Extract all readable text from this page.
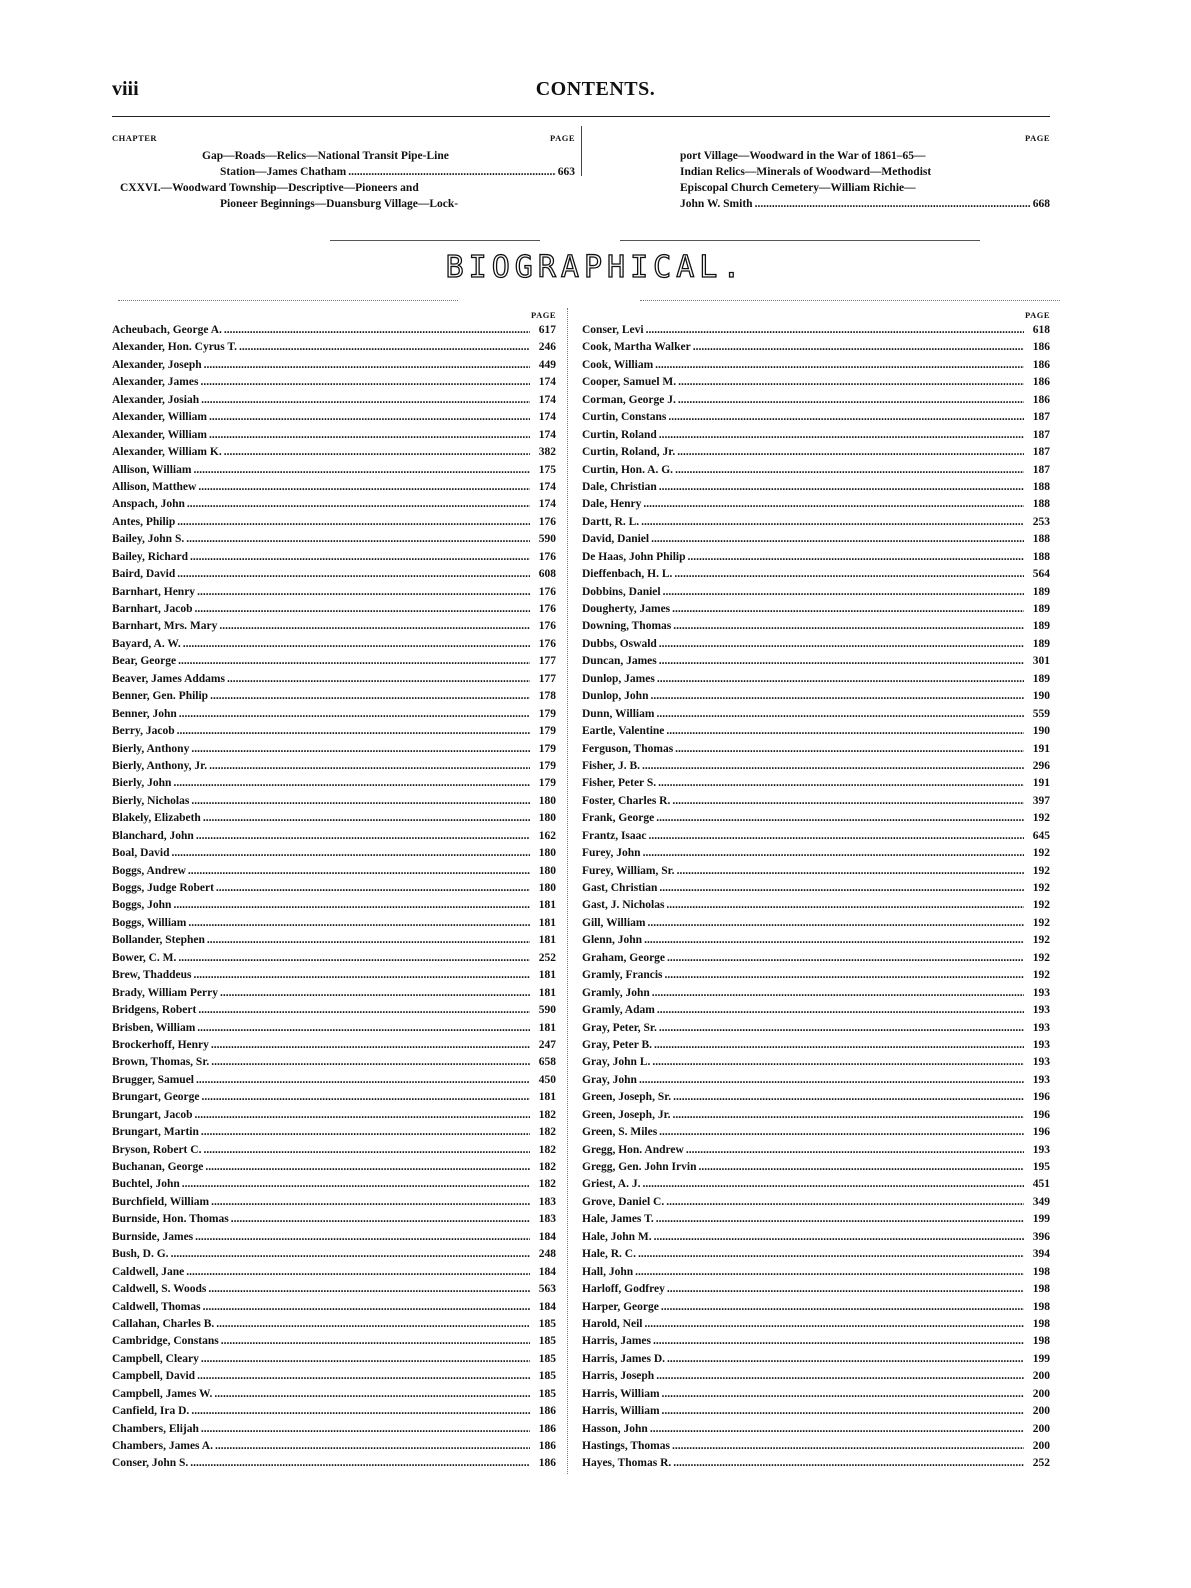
viii	CONTENTS.
CHAPTER	PAGE
Gap—Roads—Relics—National Transit Pipe-Line
Station—James Chatham .....	663
CXXVI.—Woodward Township—Descriptive—Pioneers and
Pioneer Beginnings—Duansburg Village—Lock-
PAGE
port Village—Woodward in the War of 1861–65—
Indian Relics—Minerals of Woodward—Methodist
Episcopal Church Cemetery—William Richie—
John W. Smith .....	668
BIOGRAPHICAL.
PAGE
Acheubach, George A. .....	617
Alexander, Hon. Cyrus T. .....	246
Alexander, Joseph .....	449
Alexander, James .....	174
Alexander, Josiah .....	174
Alexander, William .....	174
Alexander, William .....	174
Alexander, William K. .....	382
Allison, William .....	175
Allison, Matthew .....	174
Anspach, John .....	174
Antes, Philip .....	176
Bailey, John S. .....	590
Bailey, Richard .....	176
Baird, David .....	608
Barnhart, Henry .....	176
Barnhart, Jacob .....	176
Barnhart, Mrs. Mary .....	176
Bayard, A. W. .....	176
Bear, George .....	177
Beaver, James Addams .....	177
Benner, Gen. Philip .....	178
Benner, John .....	179
Berry, Jacob .....	179
Bierly, Anthony .....	179
Bierly, Anthony, Jr. .....	179
Bierly, John .....	179
Bierly, Nicholas .....	180
Blakely, Elizabeth .....	180
Blanchard, John .....	162
Boal, David .....	180
Boggs, Andrew .....	180
Boggs, Judge Robert .....	180
Boggs, John .....	181
Boggs, William .....	181
Bollander, Stephen .....	181
Bower, C. M. .....	252
Brew, Thaddeus .....	181
Brady, William Perry .....	181
Bridgens, Robert .....	590
Brisben, William .....	181
Brockerhoff, Henry .....	247
Brown, Thomas, Sr. .....	658
Brugger, Samuel .....	450
Brungart, George .....	181
Brungart, Jacob .....	182
Brungart, Martin .....	182
Bryson, Robert C. .....	182
Buchanan, George .....	182
Buchtel, John .....	182
Burchfield, William .....	183
Burnside, Hon. Thomas .....	183
Burnside, James .....	184
Bush, D. G. .....	248
Caldwell, Jane .....	184
Caldwell, S. Woods .....	563
Caldwell, Thomas .....	184
Callahan, Charles B. .....	185
Cambridge, Constans .....	185
Campbell, Cleary .....	185
Campbell, David .....	185
Campbell, James W. .....	185
Canfield, Ira D. .....	186
Chambers, Elijah .....	186
Chambers, James A. .....	186
Conser, John S. .....	186
PAGE
Conser, Levi .....	618
Cook, Martha Walker .....	186
Cook, William .....	186
Cooper, Samuel M. .....	186
Corman, George J. .....	186
Curtin, Constans .....	187
Curtin, Roland .....	187
Curtin, Roland, Jr. .....	187
Curtin, Hon. A. G. .....	187
Dale, Christian .....	188
Dale, Henry .....	188
Dartt, R. L. .....	253
David, Daniel .....	188
De Haas, John Philip .....	188
Dieffenbach, H. L. .....	564
Dobbins, Daniel .....	189
Dougherty, James .....	189
Downing, Thomas .....	189
Dubbs, Oswald .....	189
Duncan, James .....	301
Dunlop, James .....	189
Dunlop, John .....	190
Dunn, William .....	559
Eartle, Valentine .....	190
Ferguson, Thomas .....	191
Fisher, J. B. .....	296
Fisher, Peter S. .....	191
Foster, Charles R. .....	397
Frank, George .....	192
Frantz, Isaac .....	645
Furey, John .....	192
Furey, William, Sr. .....	192
Gast, Christian .....	192
Gast, J. Nicholas .....	192
Gill, William .....	192
Glenn, John .....	192
Graham, George .....	192
Gramly, Francis .....	192
Gramly, John .....	193
Gramly, Adam .....	193
Gray, Peter, Sr. .....	193
Gray, Peter B. .....	193
Gray, John L. .....	193
Gray, John .....	193
Green, Joseph, Sr. .....	196
Green, Joseph, Jr. .....	196
Green, S. Miles .....	196
Gregg, Hon. Andrew .....	193
Gregg, Gen. John Irvin .....	195
Griest, A. J. .....	451
Grove, Daniel C. .....	349
Hale, James T. .....	199
Hale, John M. .....	396
Hale, R. C. .....	394
Hall, John .....	198
Harloff, Godfrey .....	198
Harper, George .....	198
Harold, Neil .....	198
Harris, James .....	198
Harris, James D. .....	199
Harris, Joseph .....	200
Harris, William .....	200
Harris, William .....	200
Hasson, John .....	200
Hastings, Thomas .....	200
Hayes, Thomas R. .....	252
